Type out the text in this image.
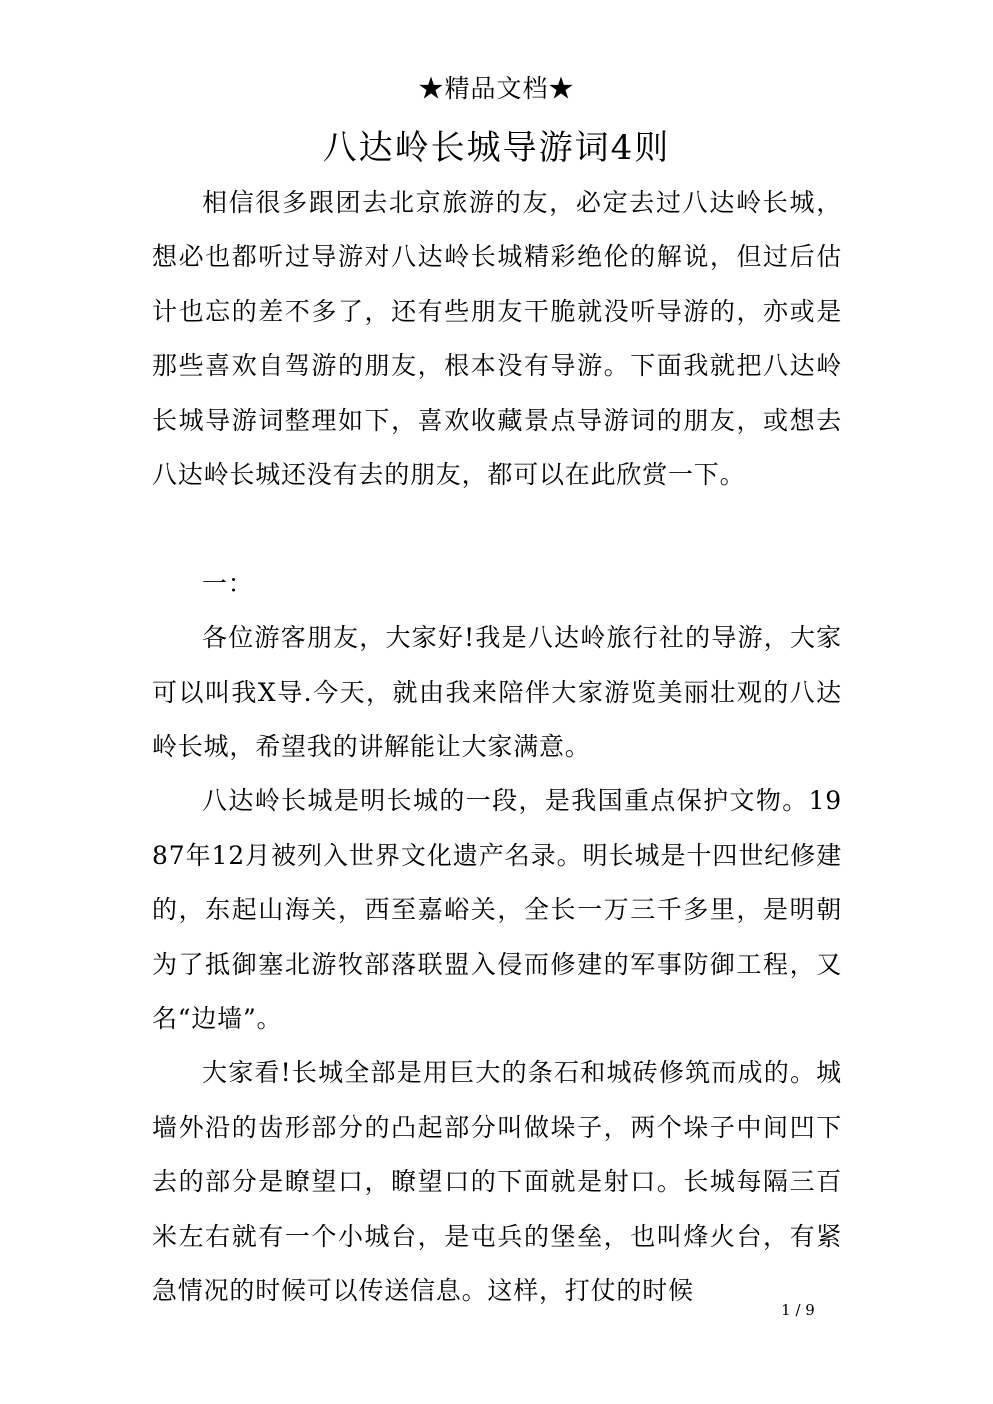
★精品文档★
八达岭长城导游词4则

相信很多跟团去北京旅游的友，必定去过八达岭长城，想必也都听过导游对八达岭长城精彩绝伦的解说，但过后估计也忘的差不多了，还有些朋友干脆就没听导游的，亦或是那些喜欢自驾游的朋友，根本没有导游。下面我就把八达岭长城导游词整理如下，喜欢收藏景点导游词的朋友，或想去八达岭长城还没有去的朋友，都可以在此欣赏一下。

一：

各位游客朋友，大家好!我是八达岭旅行社的导游，大家可以叫我X导.今天，就由我来陪伴大家游览美丽壮观的八达岭长城，希望我的讲解能让大家满意。

八达岭长城是明长城的一段，是我国重点保护文物。1987年12月被列入世界文化遗产名录。明长城是十四世纪修建的，东起山海关，西至嘉峪关，全长一万三千多里，是明朝为了抵御塞北游牧部落联盟入侵而修建的军事防御工程，又名“边墙”。

大家看!长城全部是用巨大的条石和城砖修筑而成的。城墙外沿的齿形部分的凸起部分叫做垛子，两个垛子中间凹下去的部分是瞭望口，瞭望口的下面就是射口。长城每隔三百米左右就有一个小城台，是屯兵的堡垒，也叫烽火台，有紧急情况的时候可以传送信息。这样，打仗的时候

1 / 9
